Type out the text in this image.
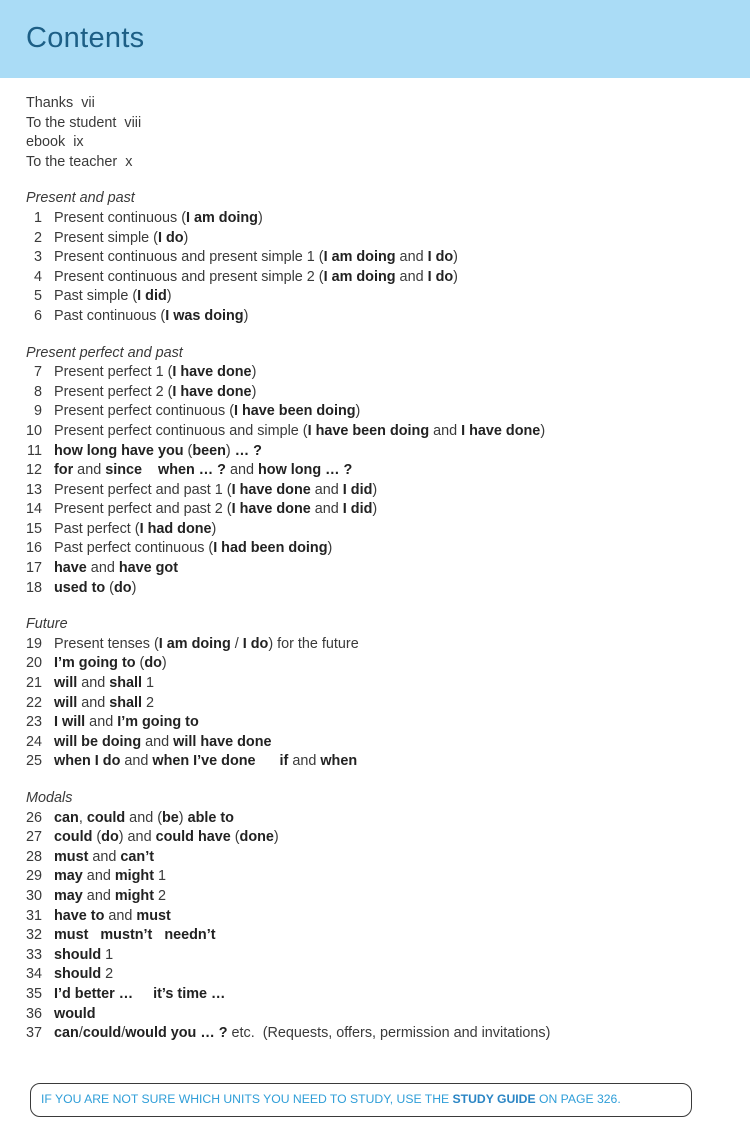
Contents
Thanks vii
To the student viii
ebook ix
To the teacher x
Present and past
1 Present continuous (I am doing)
2 Present simple (I do)
3 Present continuous and present simple 1 (I am doing and I do)
4 Present continuous and present simple 2 (I am doing and I do)
5 Past simple (I did)
6 Past continuous (I was doing)
Present perfect and past
7 Present perfect 1 (I have done)
8 Present perfect 2 (I have done)
9 Present perfect continuous (I have been doing)
10 Present perfect continuous and simple (I have been doing and I have done)
11 how long have you (been) … ?
12 for and since when … ? and how long … ?
13 Present perfect and past 1 (I have done and I did)
14 Present perfect and past 2 (I have done and I did)
15 Past perfect (I had done)
16 Past perfect continuous (I had been doing)
17 have and have got
18 used to (do)
Future
19 Present tenses (I am doing / I do) for the future
20 I’m going to (do)
21 will and shall 1
22 will and shall 2
23 I will and I’m going to
24 will be doing and will have done
25 when I do and when I’ve done if and when
Modals
26 can, could and (be) able to
27 could (do) and could have (done)
28 must and can’t
29 may and might 1
30 may and might 2
31 have to and must
32 must   mustn’t   needn’t
33 should 1
34 should 2
35 I’d better …     it’s time …
36 would
37 can/could/would you … ? etc.  (Requests, offers, permission and invitations)
IF YOU ARE NOT SURE WHICH UNITS YOU NEED TO STUDY, USE THE STUDY GUIDE ON PAGE 326.
